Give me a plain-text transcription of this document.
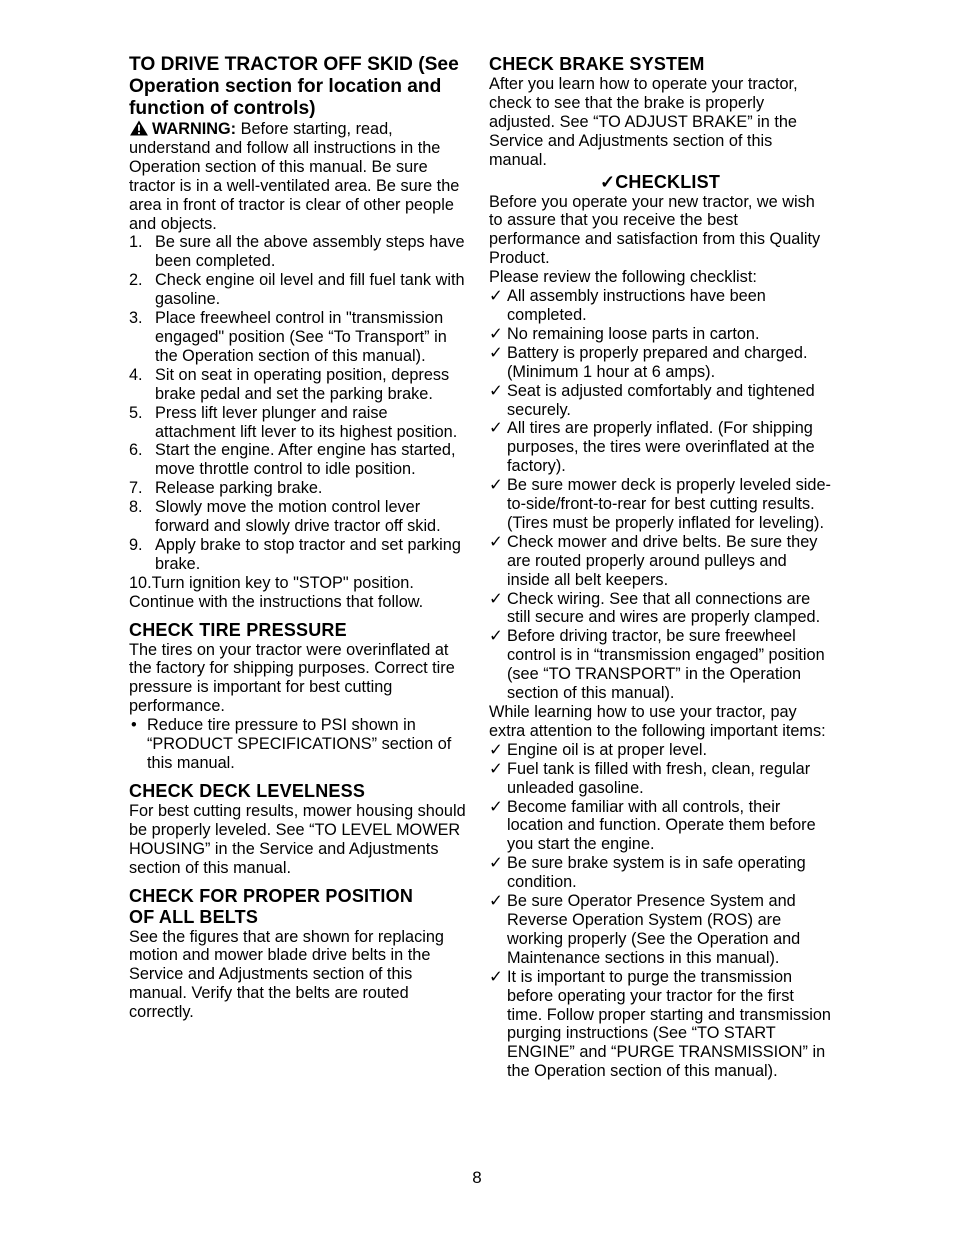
TO DRIVE TRACTOR OFF SKID (See
Operation section for location and
function of controls)

WARNING: Before starting, read, understand and follow all instructions in the Operation section of this manual. Be sure tractor is in a well-ventilated area. Be sure the area in front of tractor is clear of other people and objects.

1. Be sure all the above assembly steps have been completed.
2. Check engine oil level and fill fuel tank with gasoline.
3. Place freewheel control in "transmission engaged" position (See “To Transport” in the Operation section of this manual).
4. Sit on seat in operating position, depress brake pedal and set the parking brake.
5. Press lift lever plunger and raise attachment lift lever to its highest position.
6. Start the engine. After engine has started, move throttle control to idle position.
7. Release parking brake.
8. Slowly move the motion control lever forward and slowly drive tractor off skid.
9. Apply brake to stop tractor and set parking brake.

10.Turn ignition key to "STOP" position.

Continue with the instructions that follow.

CHECK TIRE PRESSURE

The tires on your tractor were overinflated at the factory for shipping purposes. Correct tire pressure is important for best cutting performance.

• Reduce tire pressure to PSI shown in “PRODUCT SPECIFICATIONS” section of this manual.
CHECK DECK LEVELNESS

For best cutting results, mower housing should be properly leveled. See “TO LEVEL MOWER HOUSING” in the Service and Adjustments section of this manual.

CHECK FOR PROPER POSITION
OF ALL BELTS

See the figures that are shown for replacing motion and mower blade drive belts in the Service and Adjustments section of this manual. Verify that the belts are routed correctly.

CHECK BRAKE SYSTEM

After you learn how to operate your tractor, check to see that the brake is properly adjusted. See “TO ADJUST BRAKE” in the Service and Adjustments section of this manual.

✓CHECKLIST

Before you operate your new tractor, we wish to assure that you receive the best performance and satisfaction from this Quality Product.

Please review the following checklist:

✓ All assembly instructions have been completed.
✓ No remaining loose parts in carton.
✓ Battery is properly prepared and charged. (Minimum 1 hour at 6 amps).
✓ Seat is adjusted comfortably and tightened securely.
✓ All tires are properly inflated. (For shipping purposes, the tires were overinflated at the factory).
✓ Be sure mower deck is properly leveled side-to-side/front-to-rear for best cutting results. (Tires must be properly inflated for leveling).
✓ Check mower and drive belts. Be sure they are routed properly around pulleys and inside all belt keepers.
✓ Check wiring. See that all connections are still secure and wires are properly clamped.
✓ Before driving tractor, be sure freewheel control is in “transmission engaged” position (see “TO TRANSPORT” in the Operation section of this manual).

While learning how to use your tractor, pay extra attention to the following important items:

✓ Engine oil is at proper level.
✓ Fuel tank is filled with fresh, clean, regular unleaded gasoline.
✓ Become familiar with all controls, their location and function. Operate them before you start the engine.
✓ Be sure brake system is in safe operating condition.
✓ Be sure Operator Presence System and Reverse Operation System (ROS) are working properly (See the Operation and Maintenance sections in this manual).
✓ It is important to purge the transmission before operating your tractor for the first time. Follow proper starting and transmission purging instructions (See “TO START ENGINE” and “PURGE TRANSMISSION” in the Operation section of this manual).
8
